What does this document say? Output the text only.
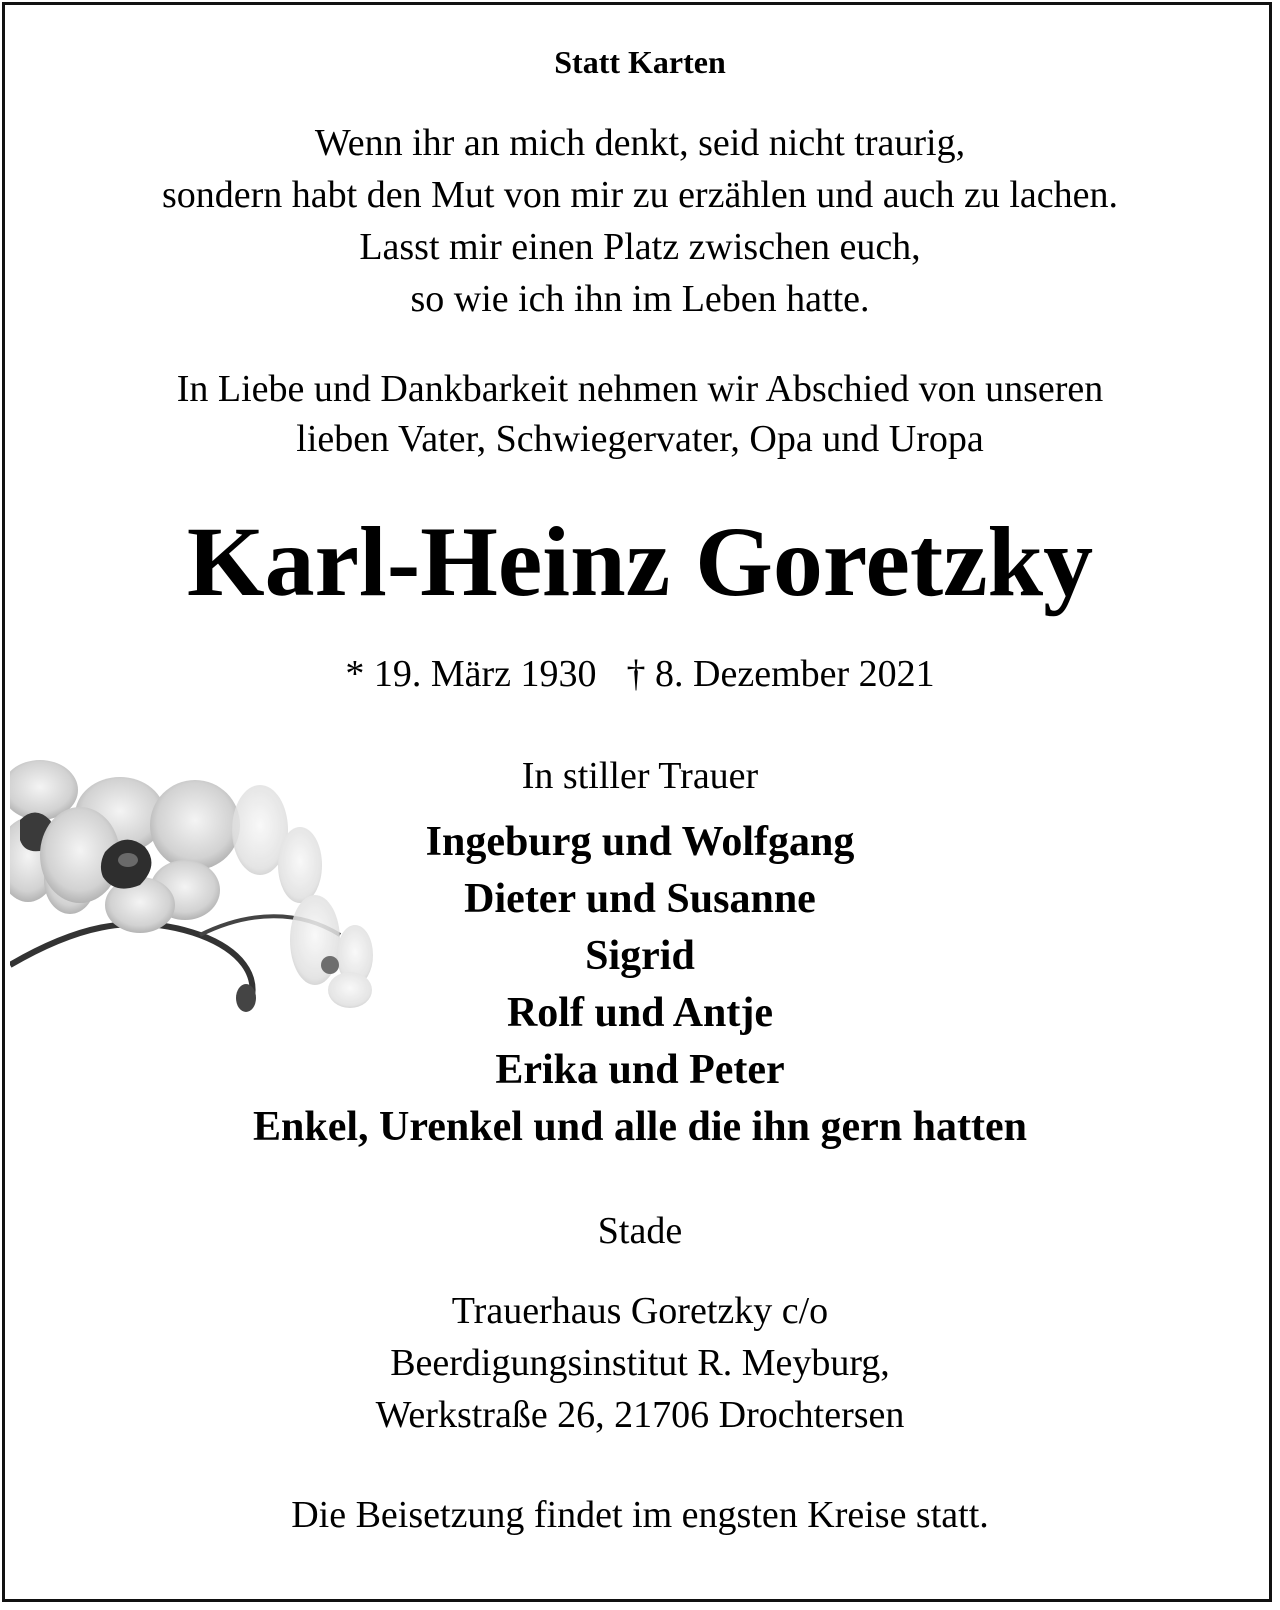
Statt Karten
Wenn ihr an mich denkt, seid nicht traurig,
sondern habt den Mut von mir zu erzählen und auch zu lachen.
Lasst mir einen Platz zwischen euch,
so wie ich ihn im Leben hatte.
In Liebe und Dankbarkeit nehmen wir Abschied von unseren
lieben Vater, Schwiegervater, Opa und Uropa
Karl-Heinz Goretzky
* 19. März 1930 † 8. Dezember 2021
In stiller Trauer
Ingeburg und Wolfgang
Dieter und Susanne
Sigrid
Rolf und Antje
Erika und Peter
Enkel, Urenkel und alle die ihn gern hatten
Stade
Trauerhaus Goretzky c/o
Beerdigungsinstitut R. Meyburg,
Werkstraße 26, 21706 Drochtersen
Die Beisetzung findet im engsten Kreise statt.
